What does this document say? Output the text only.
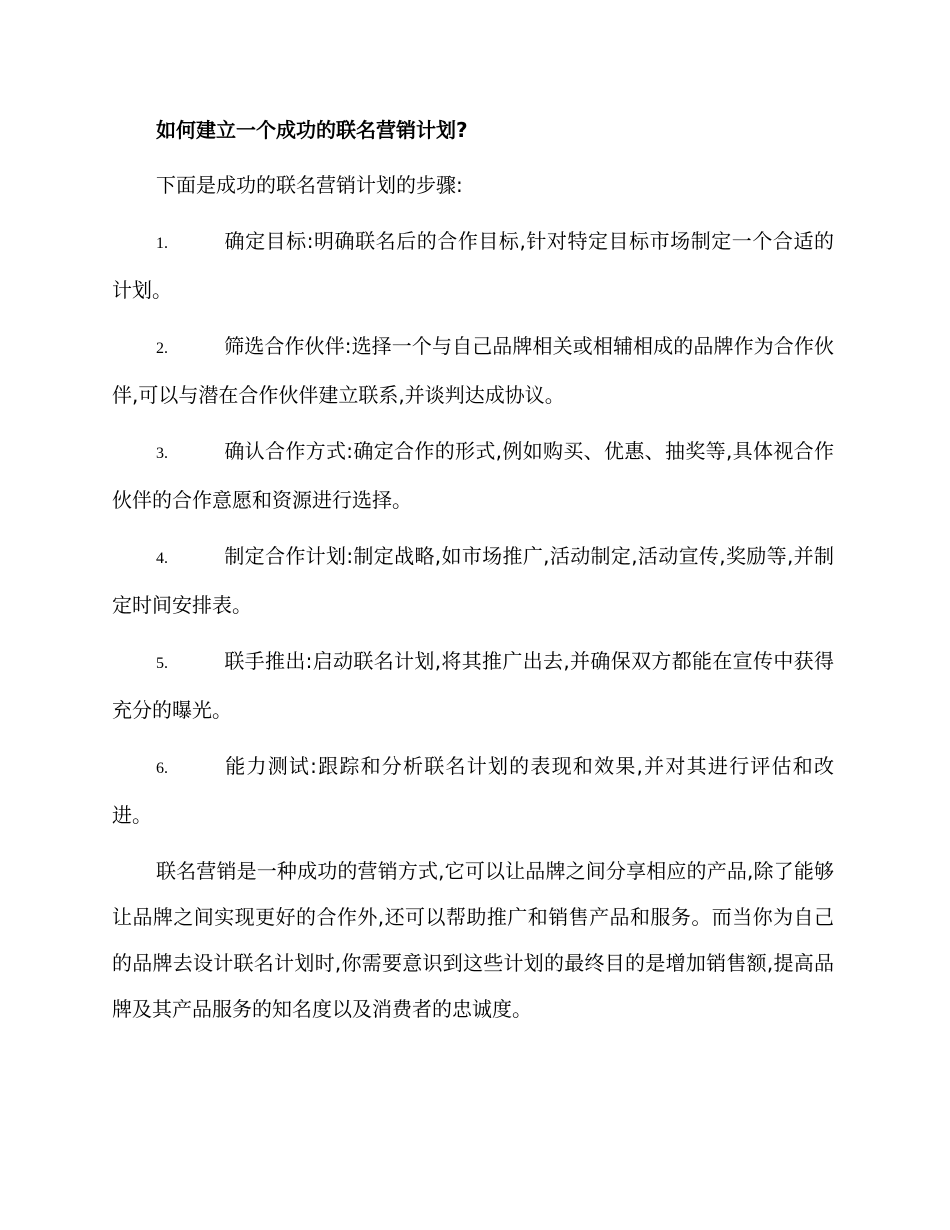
如何建立一个成功的联名营销计划?

下面是成功的联名营销计划的步骤:

1.	确定目标:明确联名后的合作目标,针对特定目标市场制定一个合适的计划。

2.	筛选合作伙伴:选择一个与自己品牌相关或相辅相成的品牌作为合作伙伴,可以与潜在合作伙伴建立联系,并谈判达成协议。

3.	确认合作方式:确定合作的形式,例如购买、优惠、抽奖等,具体视合作伙伴的合作意愿和资源进行选择。

4.	制定合作计划:制定战略,如市场推广,活动制定,活动宣传,奖励等,并制定时间安排表。

5.	联手推出:启动联名计划,将其推广出去,并确保双方都能在宣传中获得充分的曝光。

6.	能力测试:跟踪和分析联名计划的表现和效果,并对其进行评估和改进。

联名营销是一种成功的营销方式,它可以让品牌之间分享相应的产品,除了能够让品牌之间实现更好的合作外,还可以帮助推广和销售产品和服务。而当你为自己的品牌去设计联名计划时,你需要意识到这些计划的最终目的是增加销售额,提高品牌及其产品服务的知名度以及消费者的忠诚度。
